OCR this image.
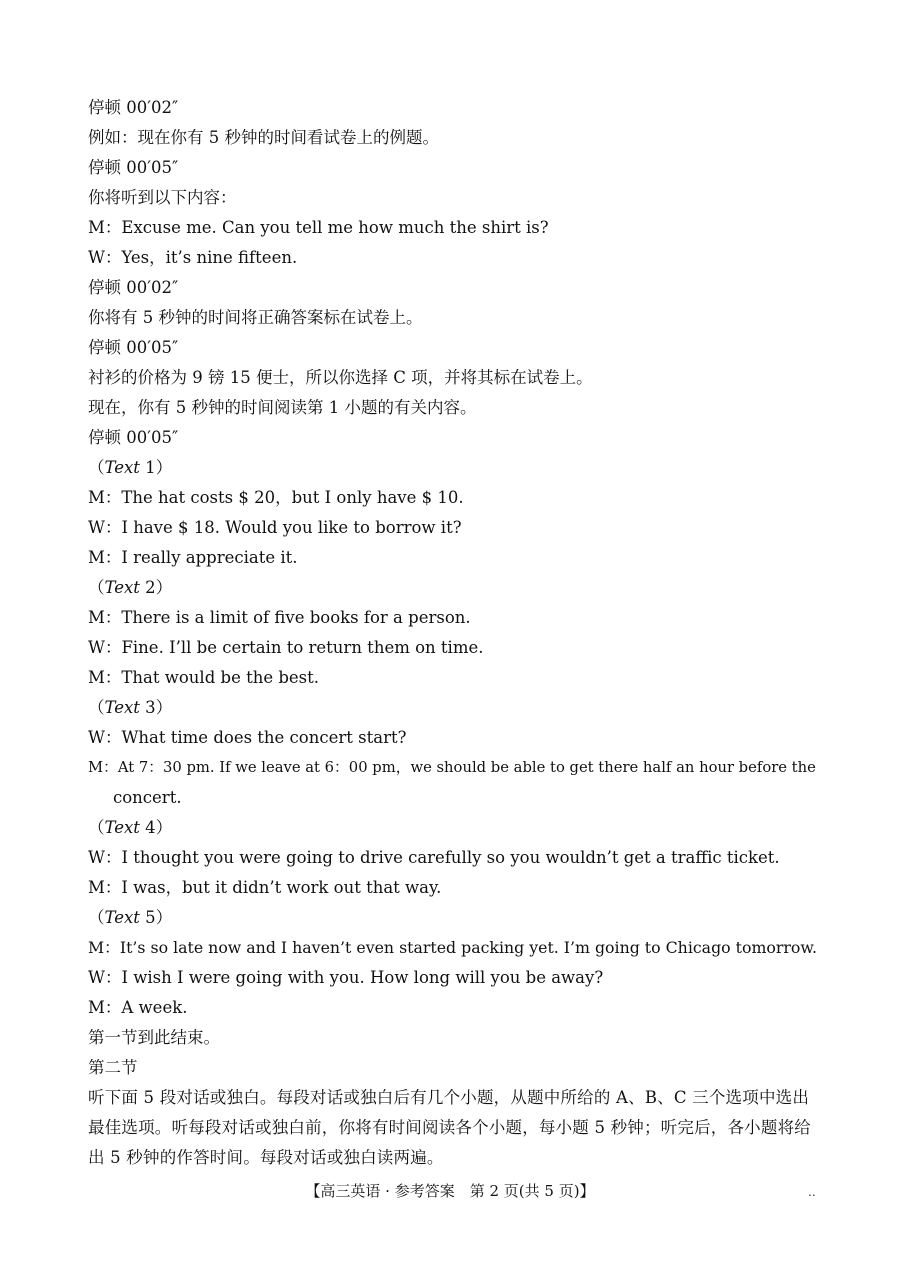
停顿 00′02″
例如：现在你有 5 秒钟的时间看试卷上的例题。
停顿 00′05″
你将听到以下内容：
M：Excuse me. Can you tell me how much the shirt is?
W：Yes，it’s nine fifteen.
停顿 00′02″
你将有 5 秒钟的时间将正确答案标在试卷上。
停顿 00′05″
衬衫的价格为 9 镑 15 便士，所以你选择 C 项，并将其标在试卷上。
现在，你有 5 秒钟的时间阅读第 1 小题的有关内容。
停顿 00′05″
（Text 1）
M：The hat costs $ 20，but I only have $ 10.
W：I have $ 18. Would you like to borrow it?
M：I really appreciate it.
（Text 2）
M：There is a limit of five books for a person.
W：Fine. I’ll be certain to return them on time.
M：That would be the best.
（Text 3）
W：What time does the concert start?
M：At 7：30 pm. If we leave at 6：00 pm，we should be able to get there half an hour before the
concert.
（Text 4）
W：I thought you were going to drive carefully so you wouldn’t get a traffic ticket.
M：I was，but it didn’t work out that way.
（Text 5）
M：It’s so late now and I haven’t even started packing yet. I’m going to Chicago tomorrow.
W：I wish I were going with you. How long will you be away?
M：A week.
第一节到此结束。
第二节
听下面 5 段对话或独白。每段对话或独白后有几个小题，从题中所给的 A、B、C 三个选项中选出最佳选项。听每段对话或独白前，你将有时间阅读各个小题，每小题 5 秒钟；听完后，各小题将给出 5 秒钟的作答时间。每段对话或独白读两遍。
【高三英语 · 参考答案　第 2 页(共 5 页)】	..
